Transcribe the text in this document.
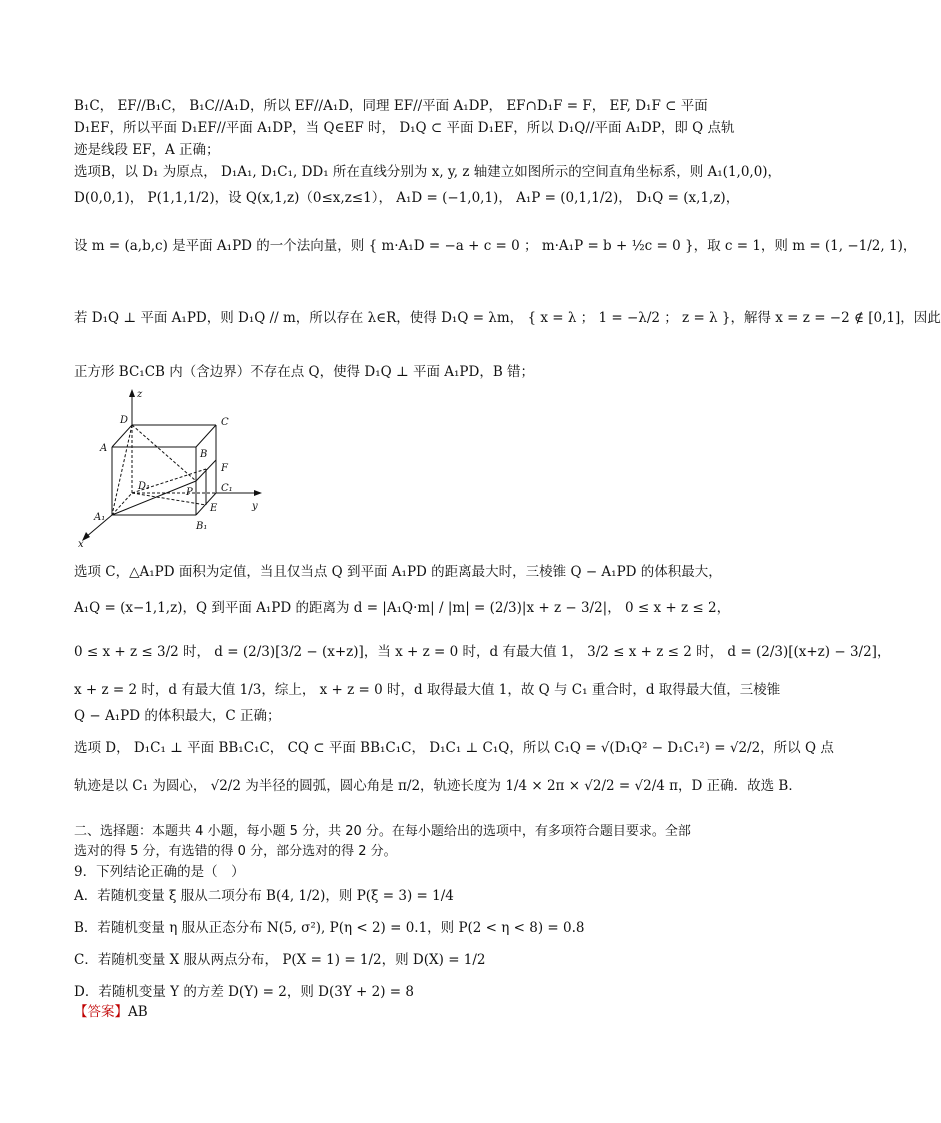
B₁C， EF//B₁C， B₁C//A₁D，所以 EF//A₁D，同理 EF//平面 A₁DP， EF∩D₁F = F， EF, D₁F ⊂ 平面
D₁EF，所以平面 D₁EF//平面 A₁DP，当 Q∈EF 时， D₁Q ⊂ 平面 D₁EF，所以 D₁Q//平面 A₁DP，即 Q 点轨
迹是线段 EF，A 正确；
选项B，以 D₁ 为原点， D₁A₁, D₁C₁, DD₁ 所在直线分别为 x, y, z 轴建立如图所示的空间直角坐标系，则 A₁(1,0,0)，
D(0,0,1)， P(1,1,1/2)，设 Q(x,1,z)（0≤x,z≤1）， A₁D = (−1,0,1)， A₁P = (0,1,1/2)， D₁Q = (x,1,z)，
设 m = (a,b,c) 是平面 A₁PD 的一个法向量，则 { m·A₁D = −a + c = 0 ； m·A₁P = b + ½c = 0 }，取 c = 1，则 m = (1, −1/2, 1)，
若 D₁Q ⊥ 平面 A₁PD，则 D₁Q // m，所以存在 λ∈R，使得 D₁Q = λm， { x = λ ； 1 = −λ/2 ； z = λ }，解得 x = z = −2 ∉ [0,1]，因此
正方形 BC₁CB 内（含边界）不存在点 Q，使得 D₁Q ⊥ 平面 A₁PD，B 错；
z
y
x
D	C
A
B
F
D₁	C₁
P
A₁
E
B₁
选项 C，△A₁PD 面积为定值，当且仅当点 Q 到平面 A₁PD 的距离最大时，三棱锥 Q − A₁PD 的体积最大，
A₁Q = (x−1,1,z)，Q 到平面 A₁PD 的距离为 d = |A₁Q·m| / |m| = (2/3)|x + z − 3/2|， 0 ≤ x + z ≤ 2，
0 ≤ x + z ≤ 3/2 时， d = (2/3)[3/2 − (x+z)]，当 x + z = 0 时，d 有最大值 1， 3/2 ≤ x + z ≤ 2 时， d = (2/3)[(x+z) − 3/2]，
x + z = 2 时，d 有最大值 1/3，综上， x + z = 0 时，d 取得最大值 1，故 Q 与 C₁ 重合时，d 取得最大值，三棱锥
Q − A₁PD 的体积最大，C 正确；
选项 D， D₁C₁ ⊥ 平面 BB₁C₁C， CQ ⊂ 平面 BB₁C₁C， D₁C₁ ⊥ C₁Q，所以 C₁Q = √(D₁Q² − D₁C₁²) = √2/2，所以 Q 点
轨迹是以 C₁ 为圆心， √2/2 为半径的圆弧，圆心角是 π/2，轨迹长度为 1/4 × 2π × √2/2 = √2/4 π，D 正确．故选 B．
二、选择题：本题共 4 小题，每小题 5 分，共 20 分。在每小题给出的选项中，有多项符合题目要求。全部
选对的得 5 分，有选错的得 0 分，部分选对的得 2 分。
9．下列结论正确的是（　）
A．若随机变量 ξ 服从二项分布 B(4, 1/2)，则 P(ξ = 3) = 1/4
B．若随机变量 η 服从正态分布 N(5, σ²), P(η < 2) = 0.1，则 P(2 < η < 8) = 0.8
C．若随机变量 X 服从两点分布， P(X = 1) = 1/2，则 D(X) = 1/2
D．若随机变量 Y 的方差 D(Y) = 2，则 D(3Y + 2) = 8
【答案】AB
